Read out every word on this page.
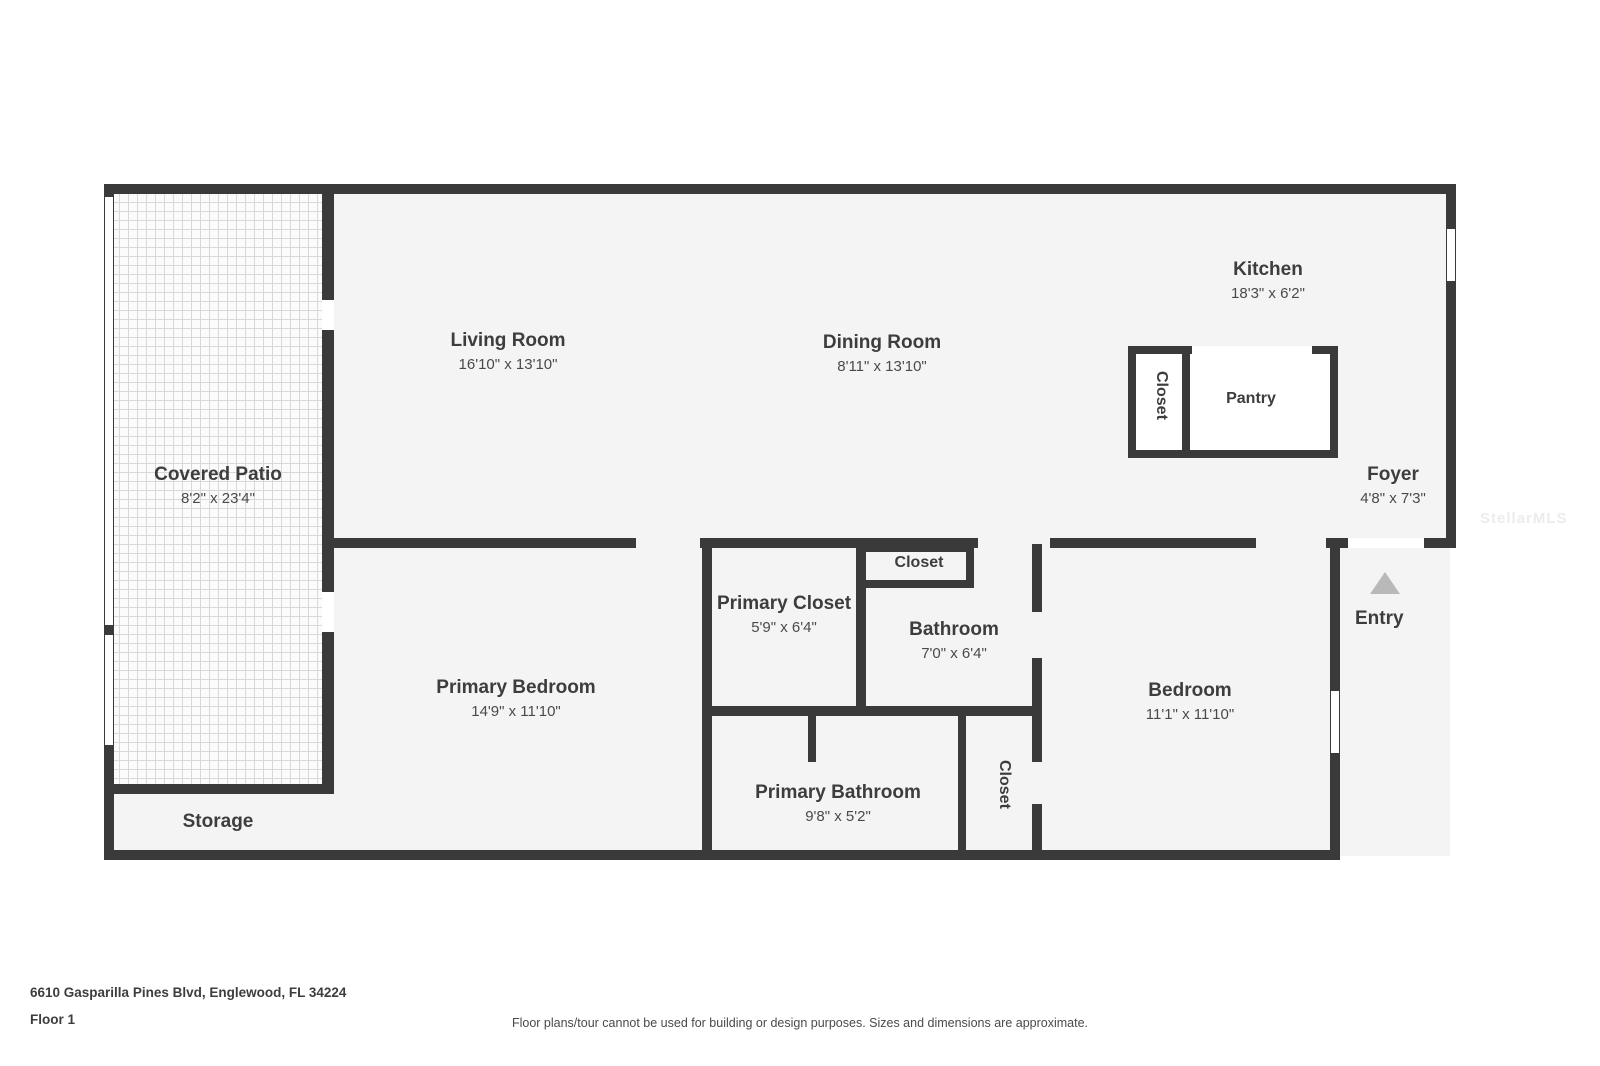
Covered Patio
8'2" x 23'4"
Living Room
16'10" x 13'10"
Dining Room
8'11" x 13'10"
Kitchen
18'3" x 6'2"
Pantry
Closet
Foyer
4'8" x 7'3"
Closet
Primary Closet
5'9" x 6'4"	Bathroom
7'0" x 6'4"
Primary Bedroom
14'9" x 11'10"
Bedroom
11'1" x 11'10"
Primary Bathroom
9'8" x 5'2"
Closet
Storage
Entry
StellarMLS
6610 Gasparilla Pines Blvd, Englewood, FL 34224
Floor 1	Floor plans/tour cannot be used for building or design purposes. Sizes and dimensions are approximate.
